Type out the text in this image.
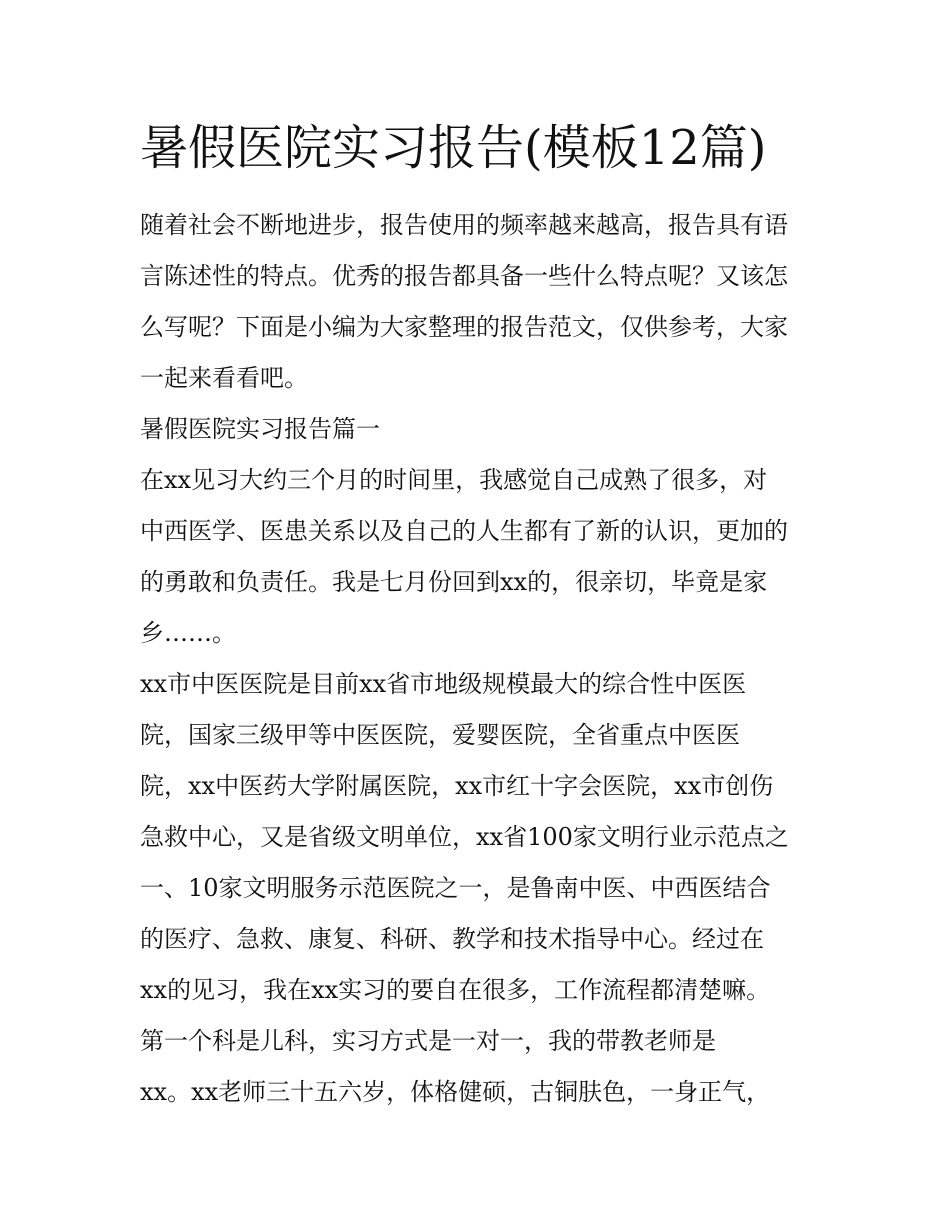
暑假医院实习报告(模板12篇)
随着社会不断地进步，报告使用的频率越来越高，报告具有语
言陈述性的特点。优秀的报告都具备一些什么特点呢？又该怎
么写呢？下面是小编为大家整理的报告范文，仅供参考，大家
一起来看看吧。
暑假医院实习报告篇一
在xx见习大约三个月的时间里，我感觉自己成熟了很多，对
中西医学、医患关系以及自己的人生都有了新的认识，更加的
的勇敢和负责任。我是七月份回到xx的，很亲切，毕竟是家
乡……。
xx市中医医院是目前xx省市地级规模最大的综合性中医医
院，国家三级甲等中医医院，爱婴医院，全省重点中医医
院，xx中医药大学附属医院，xx市红十字会医院，xx市创伤
急救中心，又是省级文明单位，xx省100家文明行业示范点之
一、10家文明服务示范医院之一，是鲁南中医、中西医结合
的医疗、急救、康复、科研、教学和技术指导中心。经过在
xx的见习，我在xx实习的要自在很多，工作流程都清楚嘛。
第一个科是儿科，实习方式是一对一，我的带教老师是
xx。xx老师三十五六岁，体格健硕，古铜肤色，一身正气，
